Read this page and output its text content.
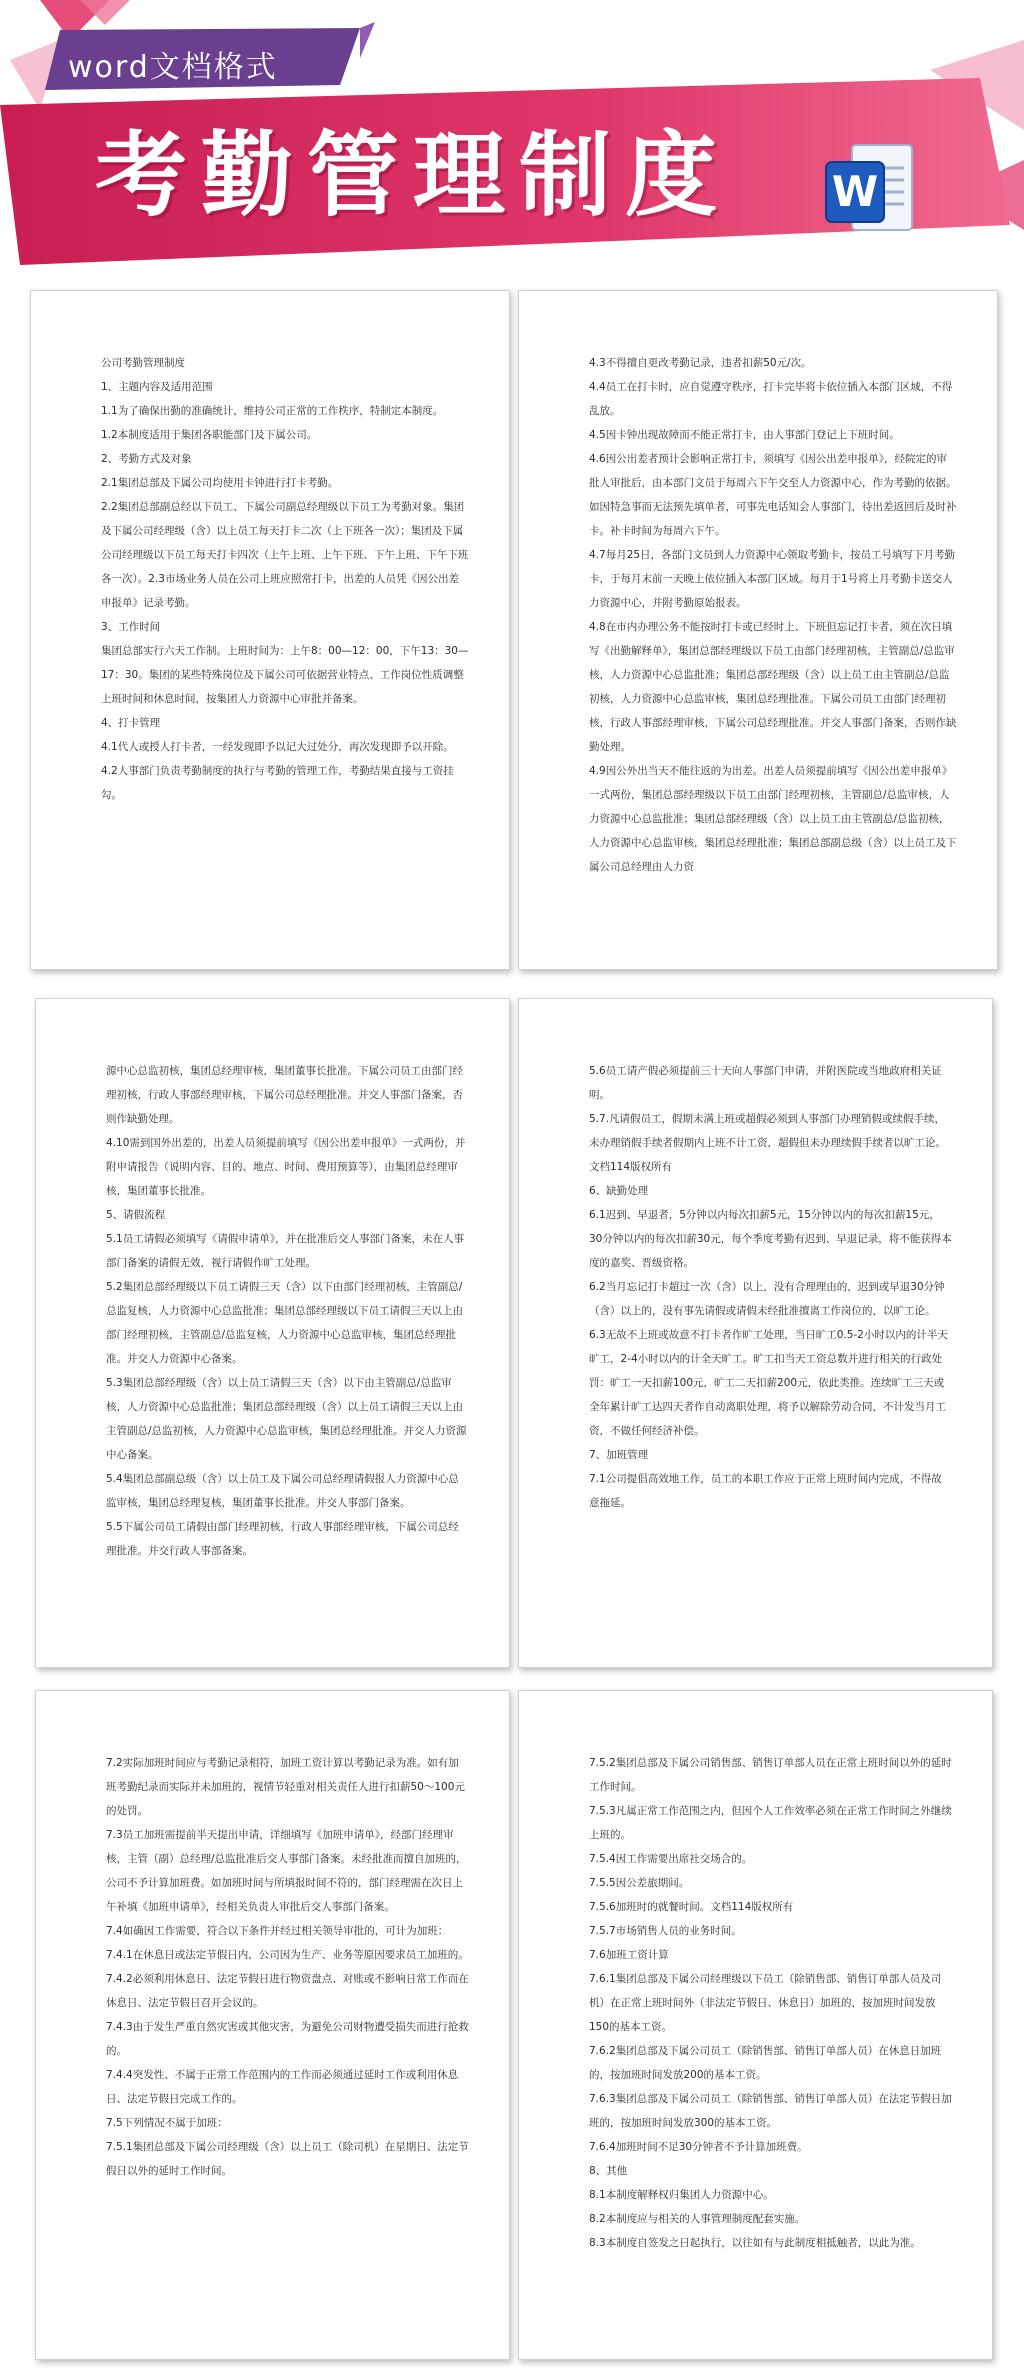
word文档格式
考勤管理制度 W

公司考勤管理制度

1、主题内容及适用范围

1.1为了确保出勤的准确统计，维持公司正常的工作秩序，特制定本制度。

1.2本制度适用于集团各职能部门及下属公司。

2、考勤方式及对象

2.1集团总部及下属公司均使用卡钟进行打卡考勤。

2.2集团总部副总经以下员工、下属公司副总经理级以下员工为考勤对象。集团及下属公司经理级（含）以上员工每天打卡二次（上下班各一次）；集团及下属公司经理级以下员工每天打卡四次（上午上班、上午下班、下午上班、下午下班各一次）。2.3市场业务人员在公司上班应照常打卡，出差的人员凭《因公出差申报单》记录考勤。

3、工作时间

集团总部实行六天工作制。上班时间为：上午8：00—12：00，下午13：30—17：30。集团的某些特殊岗位及下属公司可依据营业特点、工作岗位性质调整上班时间和休息时间，按集团人力资源中心审批并备案。

4、打卡管理

4.1代人或授人打卡者，一经发现即予以记大过处分，再次发现即予以开除。

4.2人事部门负责考勤制度的执行与考勤的管理工作，考勤结果直接与工资挂勾。

4.3不得擅自更改考勤记录，违者扣薪50元/次。

4.4员工在打卡时，应自觉遵守秩序，打卡完毕将卡依位插入本部门区域，不得乱放。

4.5因卡钟出现故障而不能正常打卡，由人事部门登记上下班时间。

4.6因公出差者预计会影响正常打卡，须填写《因公出差申报单》，经院定的审批人审批后，由本部门文员于每周六下午交至人力资源中心，作为考勤的依据。如因特急事而无法预先填单者，可事先电话知会人事部门，待出差返回后及时补卡。补卡时间为每周六下午。

4.7每月25日，各部门文员到人力资源中心领取考勤卡，按员工号填写下月考勤卡，于每月末前一天晚上依位插入本部门区域。每月于1号将上月考勤卡送交人力资源中心，并附考勤原始报表。

4.8在市内办理公务不能按时打卡或已经时上、下班但忘记打卡者，须在次日填写《出勤解释单》，集团总部经理级以下员工由部门经理初核，主管副总/总监审核，人力资源中心总监批准；集团总部经理级（含）以上员工由主管副总/总监初核，人力资源中心总监审核，集团总经理批准。下属公司员工由部门经理初核，行政人事部经理审核，下属公司总经理批准。并交人事部门备案，否则作缺勤处理。

4.9因公外出当天不能往返的为出差。出差人员须提前填写《因公出差申报单》一式两份，集团总部经理级以下员工由部门经理初核，主管副总/总监审核，人力资源中心总监批准；集团总部经理级（含）以上员工由主管副总/总监初核，人力资源中心总监审核，集团总经理批准；集团总部副总级（含）以上员工及下属公司总经理由人力资

源中心总监初核，集团总经理审核，集团董事长批准。下属公司员工由部门经理初核，行政人事部经理审核，下属公司总经理批准。并交人事部门备案，否则作缺勤处理。

4.10需到国外出差的，出差人员须提前填写《因公出差申报单》一式两份，并附申请报告（说明内容、目的、地点、时间、费用预算等），由集团总经理审核，集团董事长批准。

5、请假流程

5.1员工请假必须填写《请假申请单》，并在批准后交人事部门备案，未在人事部门备案的请假无效，视行请假作旷工处理。

5.2集团总部经理级以下员工请假三天（含）以下由部门经理初核，主管副总/总监复核，人力资源中心总监批准；集团总部经理级以下员工请假三天以上由部门经理初核，主管副总/总监复核，人力资源中心总监审核，集团总经理批准。并交人力资源中心备案。

5.3集团总部经理级（含）以上员工请假三天（含）以下由主管副总/总监审核，人力资源中心总监批准；集团总部经理级（含）以上员工请假三天以上由主管副总/总监初核，人力资源中心总监审核，集团总经理批准。并交人力资源中心备案。

5.4集团总部副总级（含）以上员工及下属公司总经理请假报人力资源中心总监审核，集团总经理复核，集团董事长批准。并交人事部门备案。

5.5下属公司员工请假由部门经理初核，行政人事部经理审核，下属公司总经理批准。并交行政人事部备案。

5.6员工请产假必须提前三十天向人事部门申请，并附医院或当地政府相关证明。

5.7.凡请假员工，假期未满上班或超假必须到人事部门办理销假或续假手续，未办理销假手续者假期内上班不计工资，超假但未办理续假手续者以旷工论。

文档114版权所有

6、缺勤处理

6.1迟到、早退者，5分钟以内每次扣薪5元，15分钟以内的每次扣薪15元，30分钟以内的每次扣薪30元，每个季度考勤有迟到、早退记录，将不能获得本度的嘉奖、晋级资格。

6.2当月忘记打卡超过一次（含）以上，没有合理理由的，迟到或早退30分钟（含）以上的，没有事先请假或请假未经批准擅离工作岗位的，以旷工论。

6.3无故不上班或故意不打卡者作旷工处理，当日旷工0.5-2小时以内的计半天旷工，2-4小时以内的计全天旷工。旷工扣当天工资总数并进行相关的行政处罚：旷工一天扣薪100元，旷工二天扣薪200元，依此类推。连续旷工三天或全年累计旷工达四天者作自动离职处理，将予以解除劳动合同，不计发当月工资，不做任何经济补偿。

7、加班管理

7.1公司提倡高效地工作，员工的本职工作应于正常上班时间内完成，不得故意拖延。

7.2实际加班时间应与考勤记录相符，加班工资计算以考勤记录为准。如有加班考勤纪录而实际并未加班的，视情节轻重对相关责任人进行扣薪50～100元的处罚。

7.3员工加班需提前半天提出申请，详细填写《加班申请单》，经部门经理审核，主管（副）总经理/总监批准后交人事部门备案。未经批准而擅自加班的，公司不予计算加班费。如加班时间与所填报时间不符的，部门经理需在次日上午补填《加班申请单》，经相关负责人审批后交人事部门备案。

7.4如确因工作需要，符合以下条件并经过相关领导审批的，可计为加班：

7.4.1在休息日或法定节假日内，公司因为生产、业务等原因要求员工加班的。

7.4.2必须利用休息日、法定节假日进行物资盘点、对账或不影响日常工作而在休息日、法定节假日召开会议的。

7.4.3由于发生严重自然灾害或其他灾害，为避免公司财物遭受损失而进行抢救的。

7.4.4突发性、不属于正常工作范围内的工作而必须通过延时工作或利用休息日、法定节假日完成工作的。

7.5下列情况不属于加班：

7.5.1集团总部及下属公司经理级（含）以上员工（除司机）在星期日、法定节假日以外的延时工作时间。

7.5.2集团总部及下属公司销售部、销售订单部人员在正常上班时间以外的延时工作时间。

7.5.3凡属正常工作范围之内，但因个人工作效率必须在正常工作时间之外继续上班的。

7.5.4因工作需要出席社交场合的。

7.5.5因公差旅期间。

7.5.6加班时的就餐时间。文档114版权所有

7.5.7市场销售人员的业务时间。

7.6加班工资计算

7.6.1集团总部及下属公司经理级以下员工（除销售部、销售订单部人员及司机）在正常上班时间外（非法定节假日、休息日）加班的，按加班时间发放150的基本工资。

7.6.2集团总部及下属公司员工（除销售部、销售订单部人员）在休息日加班的，按加班时间发放200的基本工资。

7.6.3集团总部及下属公司员工（除销售部、销售订单部人员）在法定节假日加班的，按加班时间发放300的基本工资。

7.6.4加班时间不足30分钟者不予计算加班费。

8、其他

8.1本制度解释权归集团人力资源中心。

8.2本制度应与相关的人事管理制度配套实施。

8.3本制度自签发之日起执行，以往如有与此制度相抵触者，以此为准。
